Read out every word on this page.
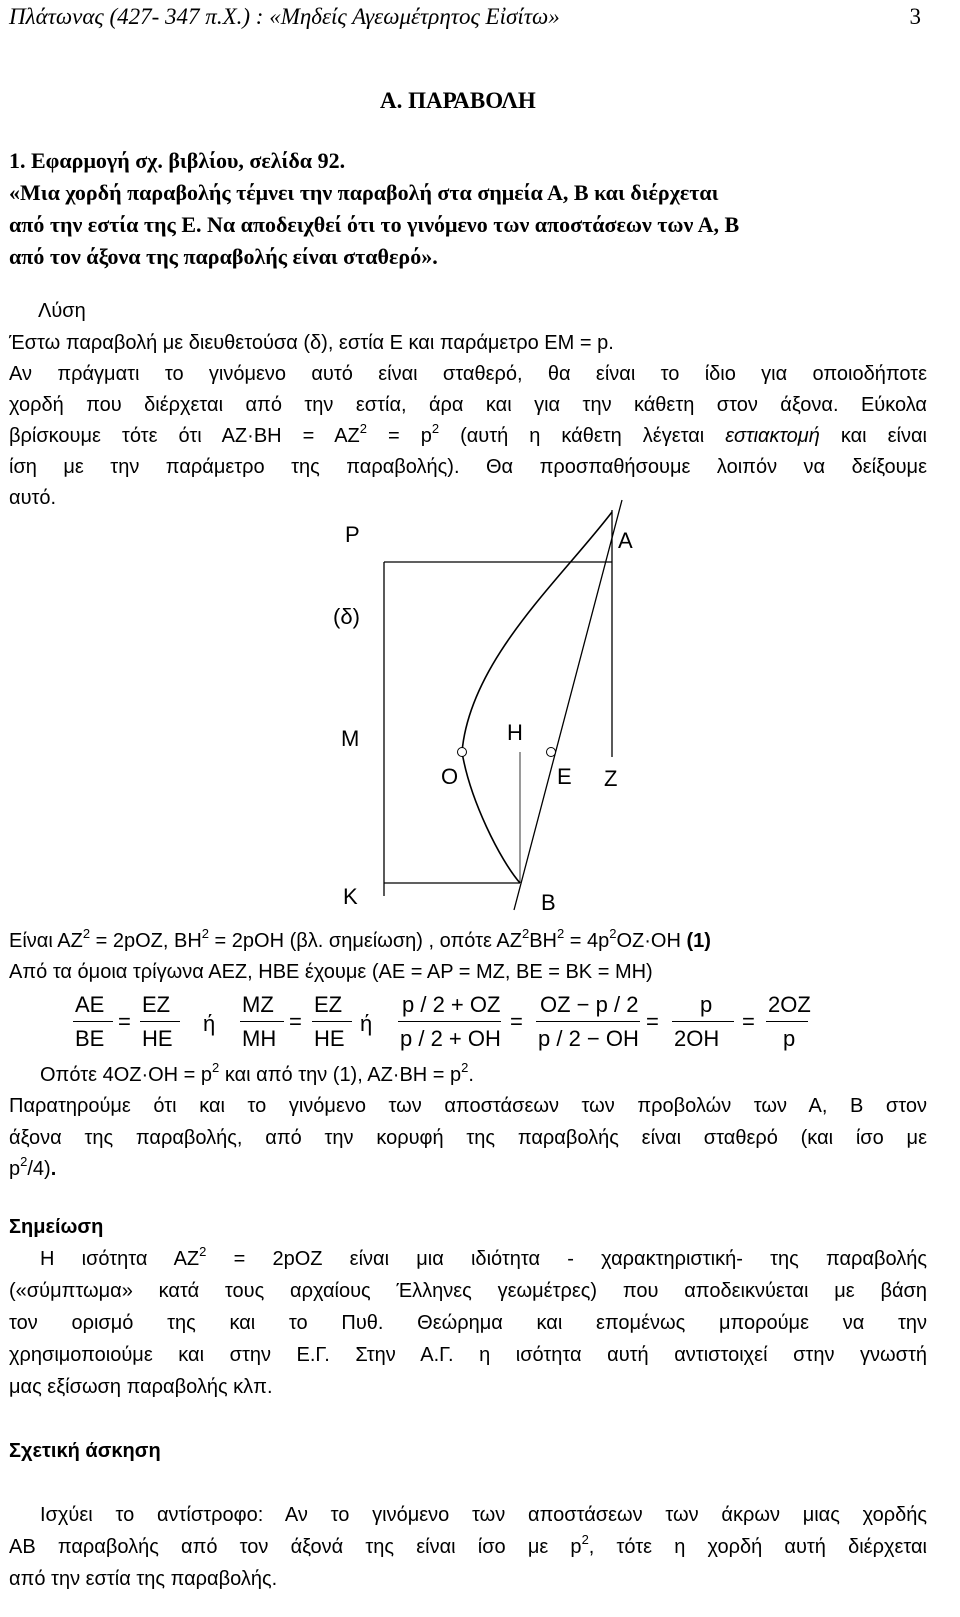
Πλάτωνας (427- 347 π.Χ.) : «Μηδείς Αγεωμέτρητος Εἰσίτω»	3
Α. ΠΑΡΑΒΟΛΗ
1. Εφαρμογή σχ. βιβλίου, σελίδα 92.
«Μια χορδή παραβολής τέμνει την παραβολή στα σημεία Α, Β και διέρχεται
από την εστία της Ε. Να αποδειχθεί ότι το γινόμενο των αποστάσεων των Α, Β
από τον άξονα της παραβολής είναι σταθερό».
Λύση
Έστω παραβολή με διευθετούσα (δ), εστία Ε και παράμετρο ΕΜ = p.
Αν πράγματι το γινόμενο αυτό είναι σταθερό, θα είναι το ίδιο για οποιοδήποτε
χορδή που διέρχεται από την εστία, άρα και για την κάθετη στον άξονα. Εύκολα
βρίσκουμε τότε ότι $AZ\cdot BH = AZ^2 = p^2$ (αυτή η κάθετη λέγεται εστιακτομή και είναι
ίση με την παράμετρο της παραβολής). Θα προσπαθήσουμε λοιπόν να δείξουμε
αυτό.
P	A
(δ)
M	H
O	E Z
K	B
Είναι $AZ^2 = 2pOZ$, $BH^2 = 2pOH$ (βλ. σημείωση) , οπότε $AZ^2BH^2 = 4p^2OZ\cdot OH$ (1)
Από τα όμοια τρίγωνα ΑΕΖ, ΗΒΕ έχουμε (ΑΕ = ΑΡ = ΜΖ, ΒΕ = ΒΚ = ΜΗ)
ΑΕ
ΒΕ
=
ΕΖ
ΗΕ
ή
ΜΖ
ΜΗ
=
ΕΖ
ΗΕ
ή
p / 2 + ΟΖ
p / 2 + ΟΗ
=
ΟΖ − p / 2
p / 2 − ΟΗ
=
p
2ΟΗ
=
2ΟΖ
p
Οπότε $4OZ\cdot OH = p^2$ και από την (1), $AZ\cdot BH = p^2$.
Παρατηρούμε ότι και το γινόμενο των αποστάσεων των προβολών των Α, Β στον
άξονα της παραβολής, από την κορυφή της παραβολής είναι σταθερό (και ίσο με
$p^2/4$).
Σημείωση
Η ισότητα $AZ^2 = 2pOZ$ είναι μια ιδιότητα - χαρακτηριστική- της παραβολής
(«σύμπτωμα» κατά τους αρχαίους Έλληνες γεωμέτρες) που αποδεικνύεται με βάση
τον ορισμό της και το Πυθ. Θεώρημα και επομένως μπορούμε να την
χρησιμοποιούμε και στην Ε.Γ. Στην Α.Γ. η ισότητα αυτή αντιστοιχεί στην γνωστή
μας εξίσωση παραβολής κλπ.
Σχετική άσκηση
Ισχύει το αντίστροφο: Αν το γινόμενο των αποστάσεων των άκρων μιας χορδής
ΑΒ παραβολής από τον άξονά της είναι ίσο με $p^2$, τότε η χορδή αυτή διέρχεται
από την εστία της παραβολής.
